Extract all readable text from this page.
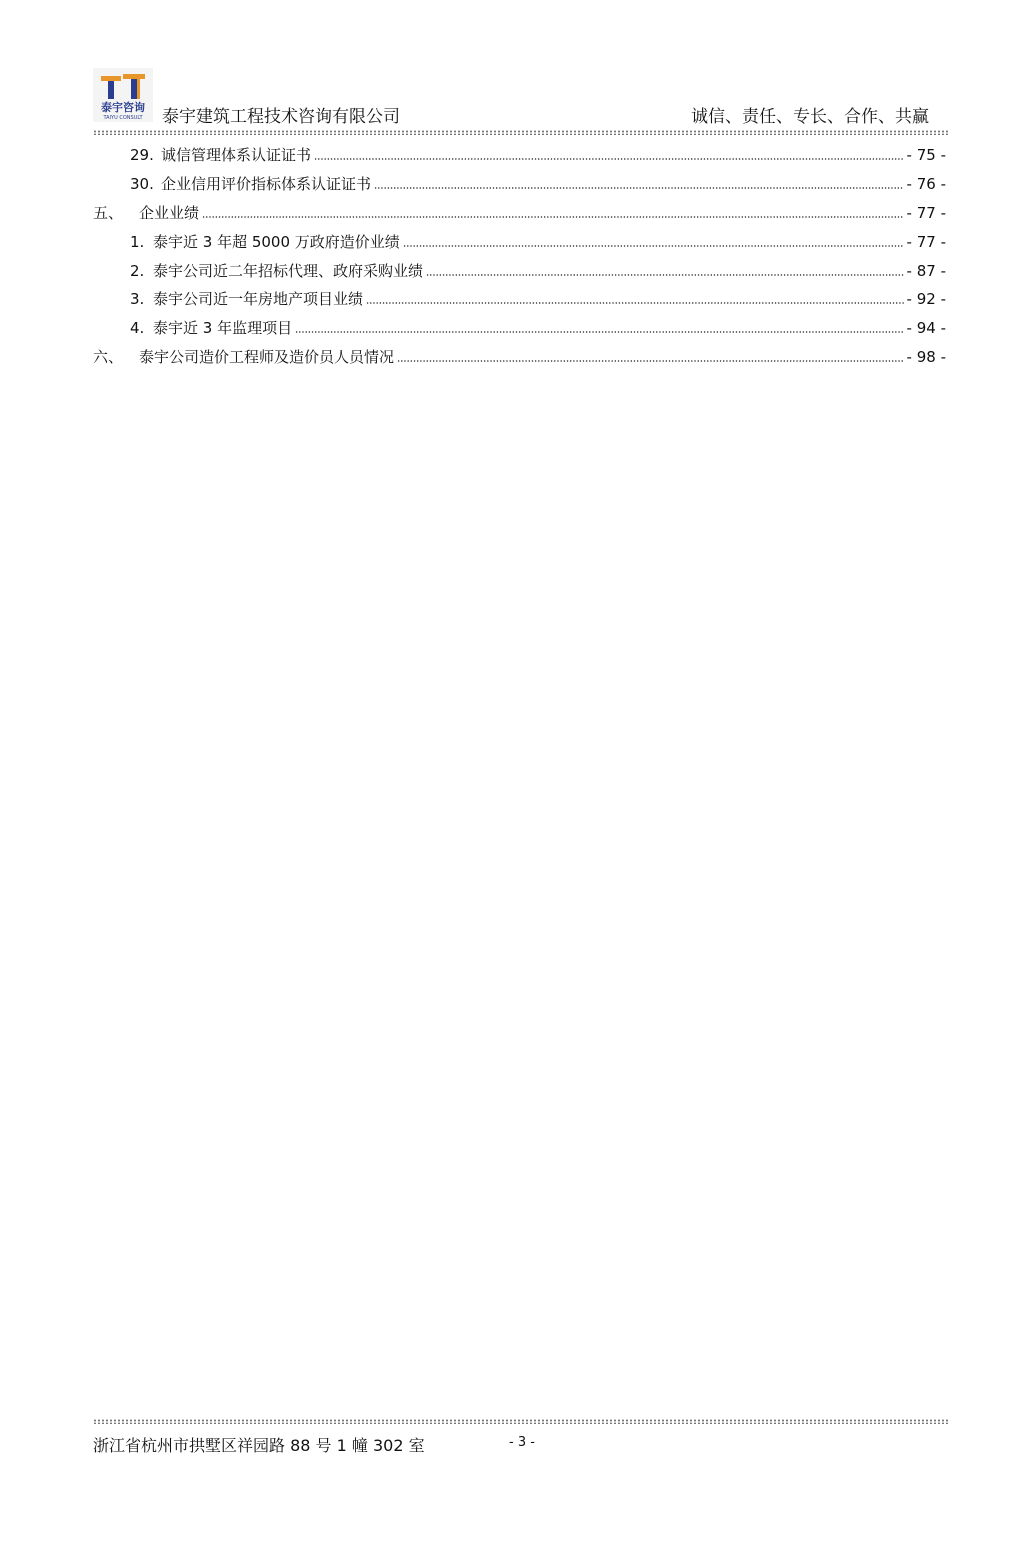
泰宇咨询
TAIYU CONSULT 泰宇建筑工程技术咨询有限公司	诚信、责任、专长、合作、共赢
29. 诚信管理体系认证证书	- 75 -
30. 企业信用评价指标体系认证证书	- 76 -
五、	企业业绩	- 77 -
1. 泰宇近 3 年超 5000 万政府造价业绩	- 77 -
2. 泰宇公司近二年招标代理、政府采购业绩	- 87 -
3. 泰宇公司近一年房地产项目业绩	- 92 -
4. 泰宇近 3 年监理项目	- 94 -
六、	泰宇公司造价工程师及造价员人员情况	- 98 -
浙江省杭州市拱墅区祥园路 88 号 1 幢 302 室	- 3 -
